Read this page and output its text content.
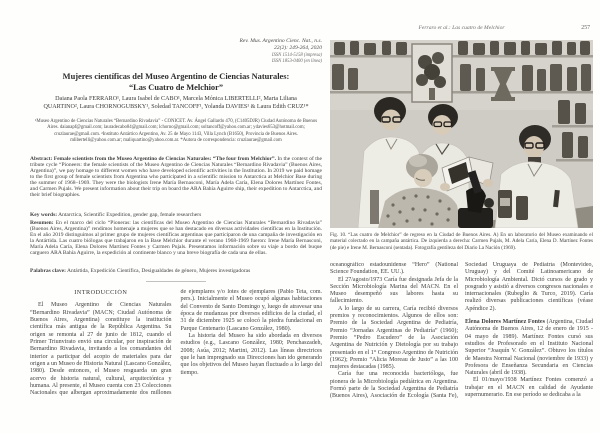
Ferraro et al.: Las cuatro de Melchior	257
Rev. Mus. Argentino Cienc. Nat., n.s.
22(2): 249-264, 2020
ISSN 1514-5158 (impresa)
ISSN 1853-0400 (en línea)
Mujeres científicas del Museo Argentino de Ciencias Naturales:
“Las Cuatro de Melchior”
Daiana Paola FERRARO¹, Laura Isabel de CABO¹, Marcela Mónica LIBERTELLI², Marta Liliana QUARTINO², Laura CHORNOGUBSKY¹, Soledad TANCOFF¹, Yolanda DAVIES¹ & Laura Edith CRUZ¹*
¹Museo Argentino de Ciencias Naturales “Bernardino Rivadavia” - CONICET. Av. Ángel Gallardo 470, (C1405DJR) Ciudad Autónoma de Buenos Aires. daianapf@gmail.com; lauradecabo84@gmail.com; lchorno@gmail.com; soltancoff@yahoo.com.ar; ydavies653@hotmail.com; cruzlaurae@gmail.com. ²Instituto Antártico Argentino, Av. 25 de Mayo 1143, Villa Lynch (B1650), Provincia de Buenos Aires. mlibertelli@yahoo.com.ar; maliquartino@yahoo.com.ar. *Autora de correspondencia: cruzlaurae@gmail.com
Abstract: Female scientists from the Museo Argentino de Ciencias Naturales: “The four from Melchior”. In the context of the tribute cycle “Pioneers: the female scientists of the Museo Argentino de Ciencias Naturales “Bernardino Rivadavia” (Buenos Aires, Argentina)”, we pay homage to different women who have developed scientific activities in the Institution. In 2019 we paid homage to the first group of female scientists from Argentina who participated in a scientific mission to Antarctica at Melchior Base during the summer of 1968–1969. They were the biologists Irene María Bernasconi, María Adela Caría, Elena Dolores Martínez Fontes, and Carmen Pujals. We present information about their trip on board the ARA Bahía Aguirre ship, their expedition to Antarctica, and their brief biographies.
Key words: Antarctica, Scientific Expedition, gender gap, female researchers
Resumen: En el marco del ciclo “Pioneras: las científicas del Museo Argentino de Ciencias Naturales “Bernardino Rivadavia” (Buenos Aires, Argentina)” rendimos homenaje a mujeres que se han destacado en diversas actividades científicas en la Institución. En el año 2019 distinguimos al primer grupo de mujeres científicas argentinas que participaron de una campaña de investigación en la Antártida. Las cuatro biólogas que trabajaron en la Base Melchior durante el verano 1968-1969 fueron: Irene María Bernasconi, María Adela Caría, Elena Dolores Martínez Fontes y Carmen Pujals. Presentamos información sobre su viaje a bordo del buque carguero ARA Bahía Aguirre, la expedición al continente blanco y una breve biografía de cada una de ellas.
Palabras clave: Antártida, Expedición Científica, Desigualdades de género, Mujeres investigadoras
INTRODUCCIÓN

El Museo Argentino de Ciencias Naturales “Bernardino Rivadavia” (MACN; Ciudad Autónoma de Buenos Aires, Argentina) constituye la institución científica más antigua de la República Argentina. Su origen se remonta al 27 de junio de 1812, cuando el Primer Triunvirato envió una circular, por inspiración de Bernardino Rivadavia, invitando a los comandantes del interior a participar del acopio de materiales para dar origen a un Museo de Historia Natural (Lascano González, 1980). Desde entonces, el Museo resguarda un gran acervo de historia natural, cultural, arquitectónica y humana. Al presente, el Museo cuenta con 23 Colecciones Nacionales que albergan aproximadamente dos millones de ejemplares y/o lotes de ejemplares (Pablo Teta, com. pers.). Inicialmente el Museo ocupó algunas habitaciones del Convento de Santo Domingo y, luego de atravesar una época de mudanzas por diversos edificios de la ciudad, el 31 de diciembre 1925 se colocó la piedra fundacional en Parque Centenario (Lascano González, 1980).

La historia del Museo ha sido abordada en diversos estudios (e.g., Lascano González, 1980; Penchaszadeh, 2008; Asúa, 2012; Martini, 2012). Las líneas directrices que le han impregnado sus Direcciones han ido generando que los objetivos del Museo hayan fluctuado a lo largo del tiempo.

Fig. 10. “Las cuatro de Melchior” de regreso en la Ciudad de Buenos Aires. A) En un laboratorio del Museo examinando el material colectado en la campaña antártica. De izquierda a derecha: Carmen Pujals, M. Adela Caría, Elena D. Martínez Fontes (de pie) e Irene M. Bernasconi (sentada). Fotografía gentileza del Diario La Nación (1969).

oceanográfico estadounidense “Hero” (National Science Foundation, EE. UU.).

El 27/agosto/1973 Caría fue designada Jefa de la Sección Microbiología Marina del MACN. En el Museo desempeñó sus labores hasta su fallecimiento.

A lo largo de su carrera, Caría recibió diversos premios y reconocimientos. Algunos de ellos son: Premio de la Sociedad Argentina de Pediatría, Premio “Jornadas Argentinas de Pediatría” (1960); Premio “Pedro Escudero” de la Asociación Argentina de Nutrición y Dietología por su trabajo presentado en el 1° Congreso Argentino de Nutrición (1962); Premio “Alicia Moreau de Justo” a las 100 mujeres destacadas (1985).

Caría fue una reconocida bacterióloga, fue pionera de la Microbiología pediátrica en Argentina. Formó parte de la Sociedad Argentina de Pediatría (Buenos Aires), Asociación de Ecología (Santa Fe), Sociedad Uruguaya de Pediatría (Montevideo, Uruguay) y del Comité Latinoamericano de Microbiología Ambiental. Dictó cursos de grado y posgrado y asistió a diversos congresos nacionales e internacionales (Rubeglio & Turco, 2019). Caría realizó diversas publicaciones científicas (véase Apéndice 2).

Elena Dolores Martínez Fontes (Argentina, Ciudad Autónoma de Buenos Aires, 12 de enero de 1915 - 04 mayo de 1989). Martínez Fontes cursó sus estudios de Profesorado en el Instituto Nacional Superior “Joaquín V. González”. Obtuvo los títulos de Maestra Normal Nacional (noviembre de 1933) y Profesora de Enseñanza Secundaria en Ciencias Naturales (abril de 1938).

El 01/mayo/1938 Martínez Fontes comenzó a trabajar en el MACN en calidad de Ayudante supernumerario. En ese período se dedicaba a la
